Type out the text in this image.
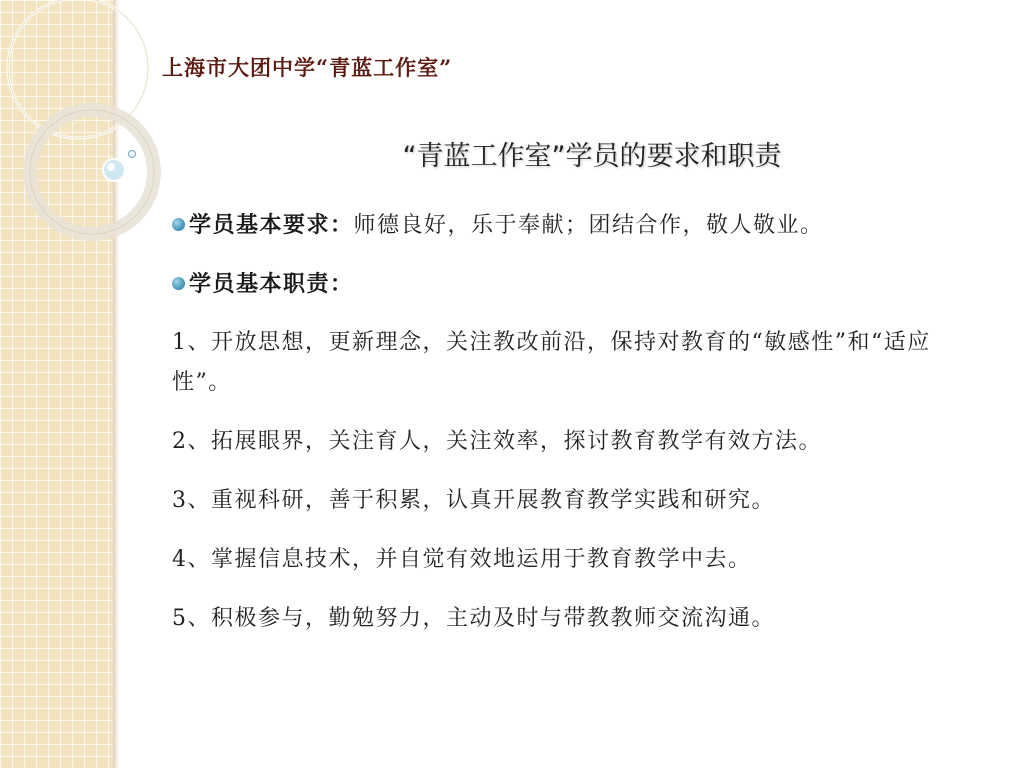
上海市大团中学“青蓝工作室”
“青蓝工作室”学员的要求和职责
学员基本要求：师德良好，乐于奉献；团结合作，敬人敬业。
学员基本职责：
1、开放思想，更新理念，关注教改前沿，保持对教育的“敏感性”和“适应性”。
2、拓展眼界，关注育人，关注效率，探讨教育教学有效方法。
3、重视科研，善于积累，认真开展教育教学实践和研究。
4、掌握信息技术，并自觉有效地运用于教育教学中去。
5、积极参与，勤勉努力，主动及时与带教教师交流沟通。
